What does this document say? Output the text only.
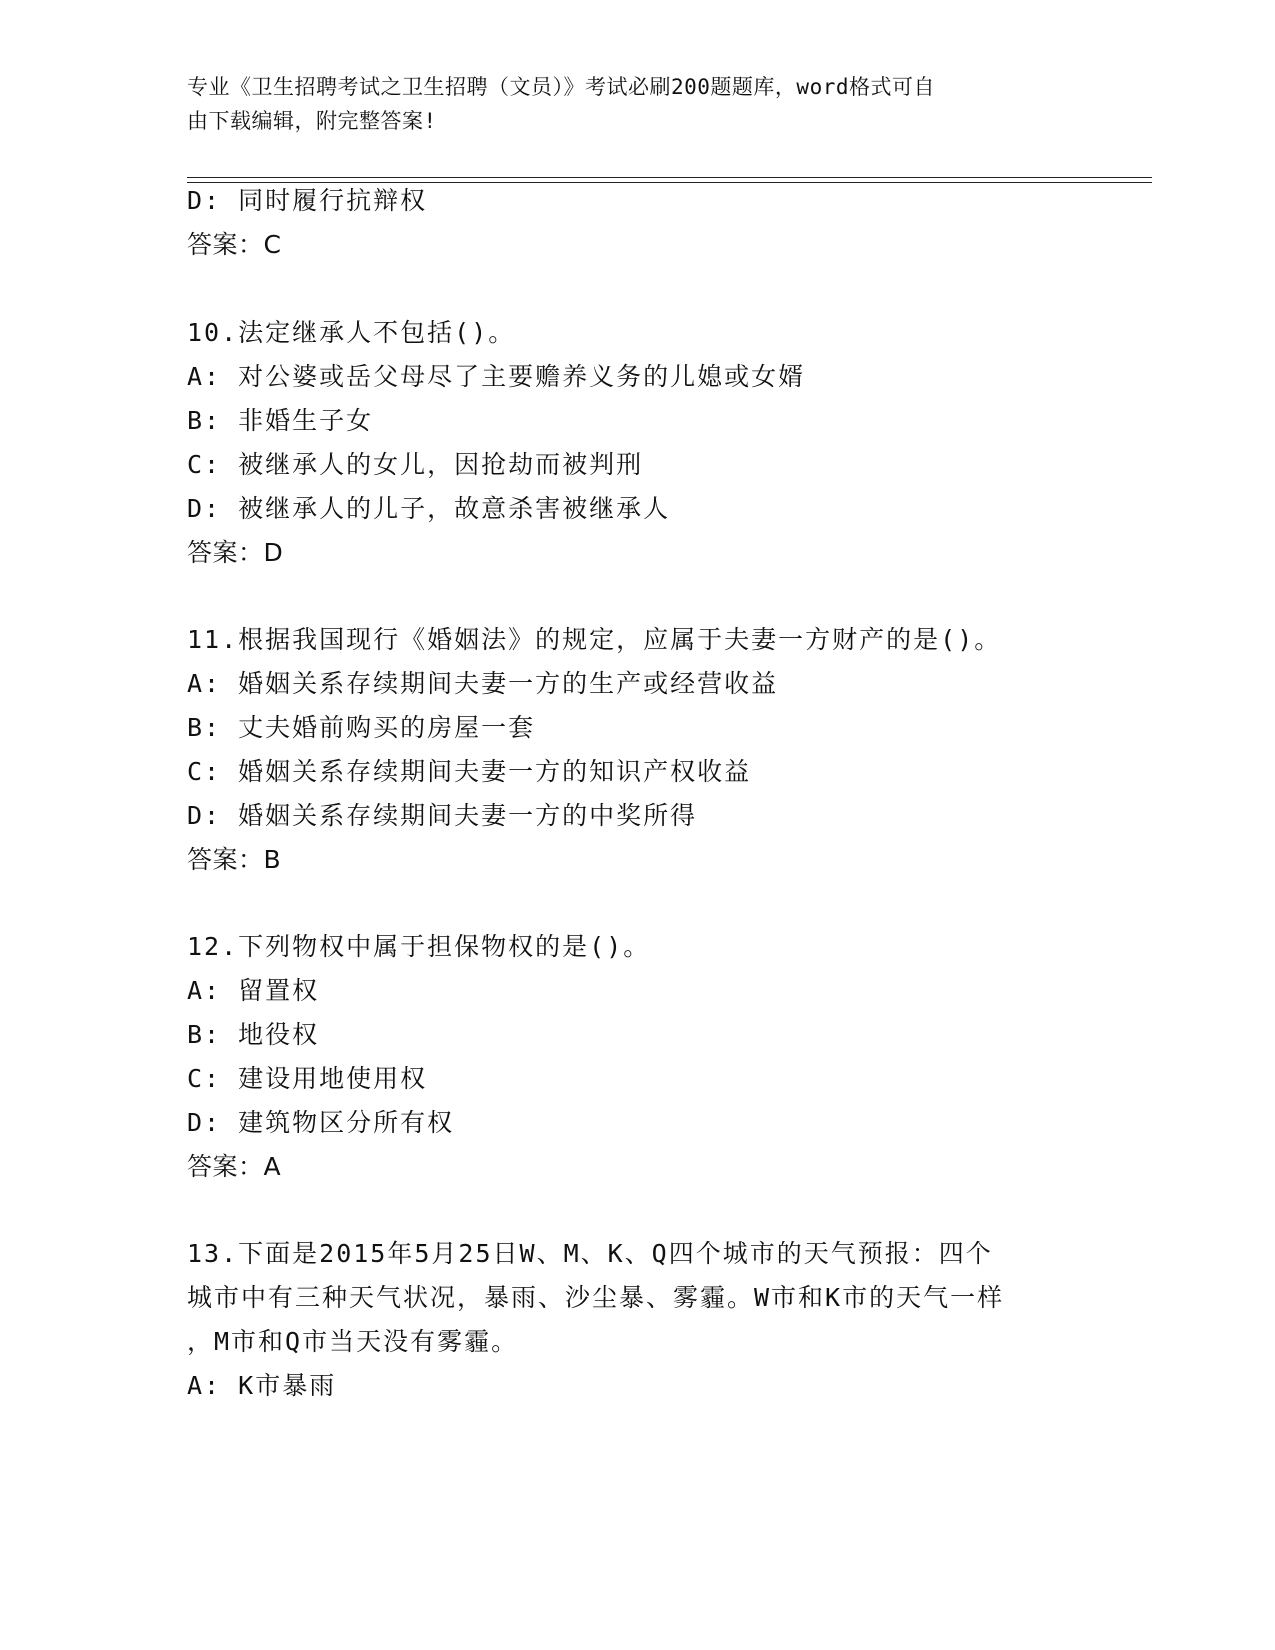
专业《卫生招聘考试之卫生招聘（文员）》考试必刷200题题库，word格式可自
由下载编辑，附完整答案!
D: 同时履行抗辩权
答案：C
10.法定继承人不包括()。
A: 对公婆或岳父母尽了主要赡养义务的儿媳或女婿
B: 非婚生子女
C: 被继承人的女儿，因抢劫而被判刑
D: 被继承人的儿子，故意杀害被继承人
答案：D
11.根据我国现行《婚姻法》的规定，应属于夫妻一方财产的是()。
A: 婚姻关系存续期间夫妻一方的生产或经营收益
B: 丈夫婚前购买的房屋一套
C: 婚姻关系存续期间夫妻一方的知识产权收益
D: 婚姻关系存续期间夫妻一方的中奖所得
答案：B
12.下列物权中属于担保物权的是()。
A: 留置权
B: 地役权
C: 建设用地使用权
D: 建筑物区分所有权
答案：A
13.下面是2015年5月25日W、M、K、Q四个城市的天气预报：四个
城市中有三种天气状况，暴雨、沙尘暴、雾霾。W市和K市的天气一样
，M市和Q市当天没有雾霾。
A: K市暴雨
